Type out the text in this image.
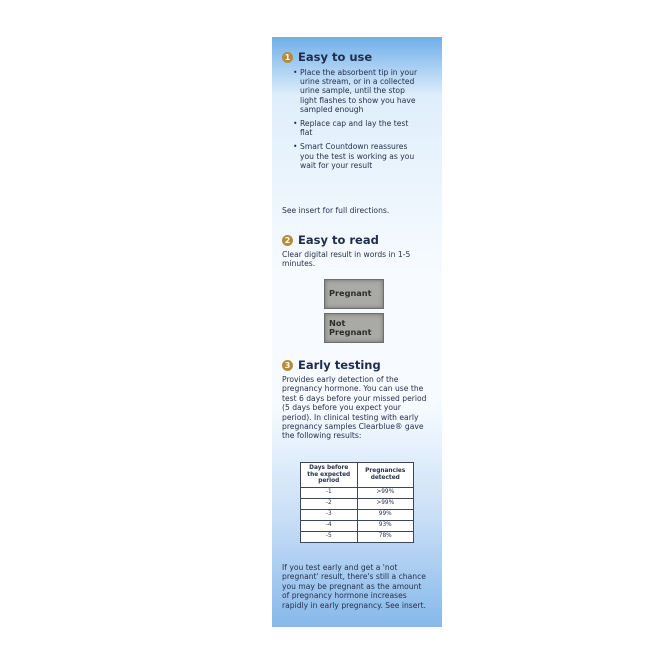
1 Easy to use
• Place the absorbent tip in your urine stream, or in a collected urine sample, until the stop light flashes to show you have sampled enough
• Replace cap and lay the test flat
• Smart Countdown reassures you the test is working as you wait for your result

See insert for full directions.

2 Easy to read

Clear digital result in words in 1-5 minutes.

Pregnant
Not Pregnant
3 Early testing

Provides early detection of the pregnancy hormone. You can use the test 6 days before your missed period (5 days before you expect your period). In clinical testing with early pregnancy samples Clearblue® gave the following results:

Days before the expected period	Pregnancies detected
-1	>99%
-2	>99%
-3	99%
-4	93%
-5	78%

If you test early and get a 'not pregnant' result, there's still a chance you may be pregnant as the amount of pregnancy hormone increases rapidly in early pregnancy. See insert.
